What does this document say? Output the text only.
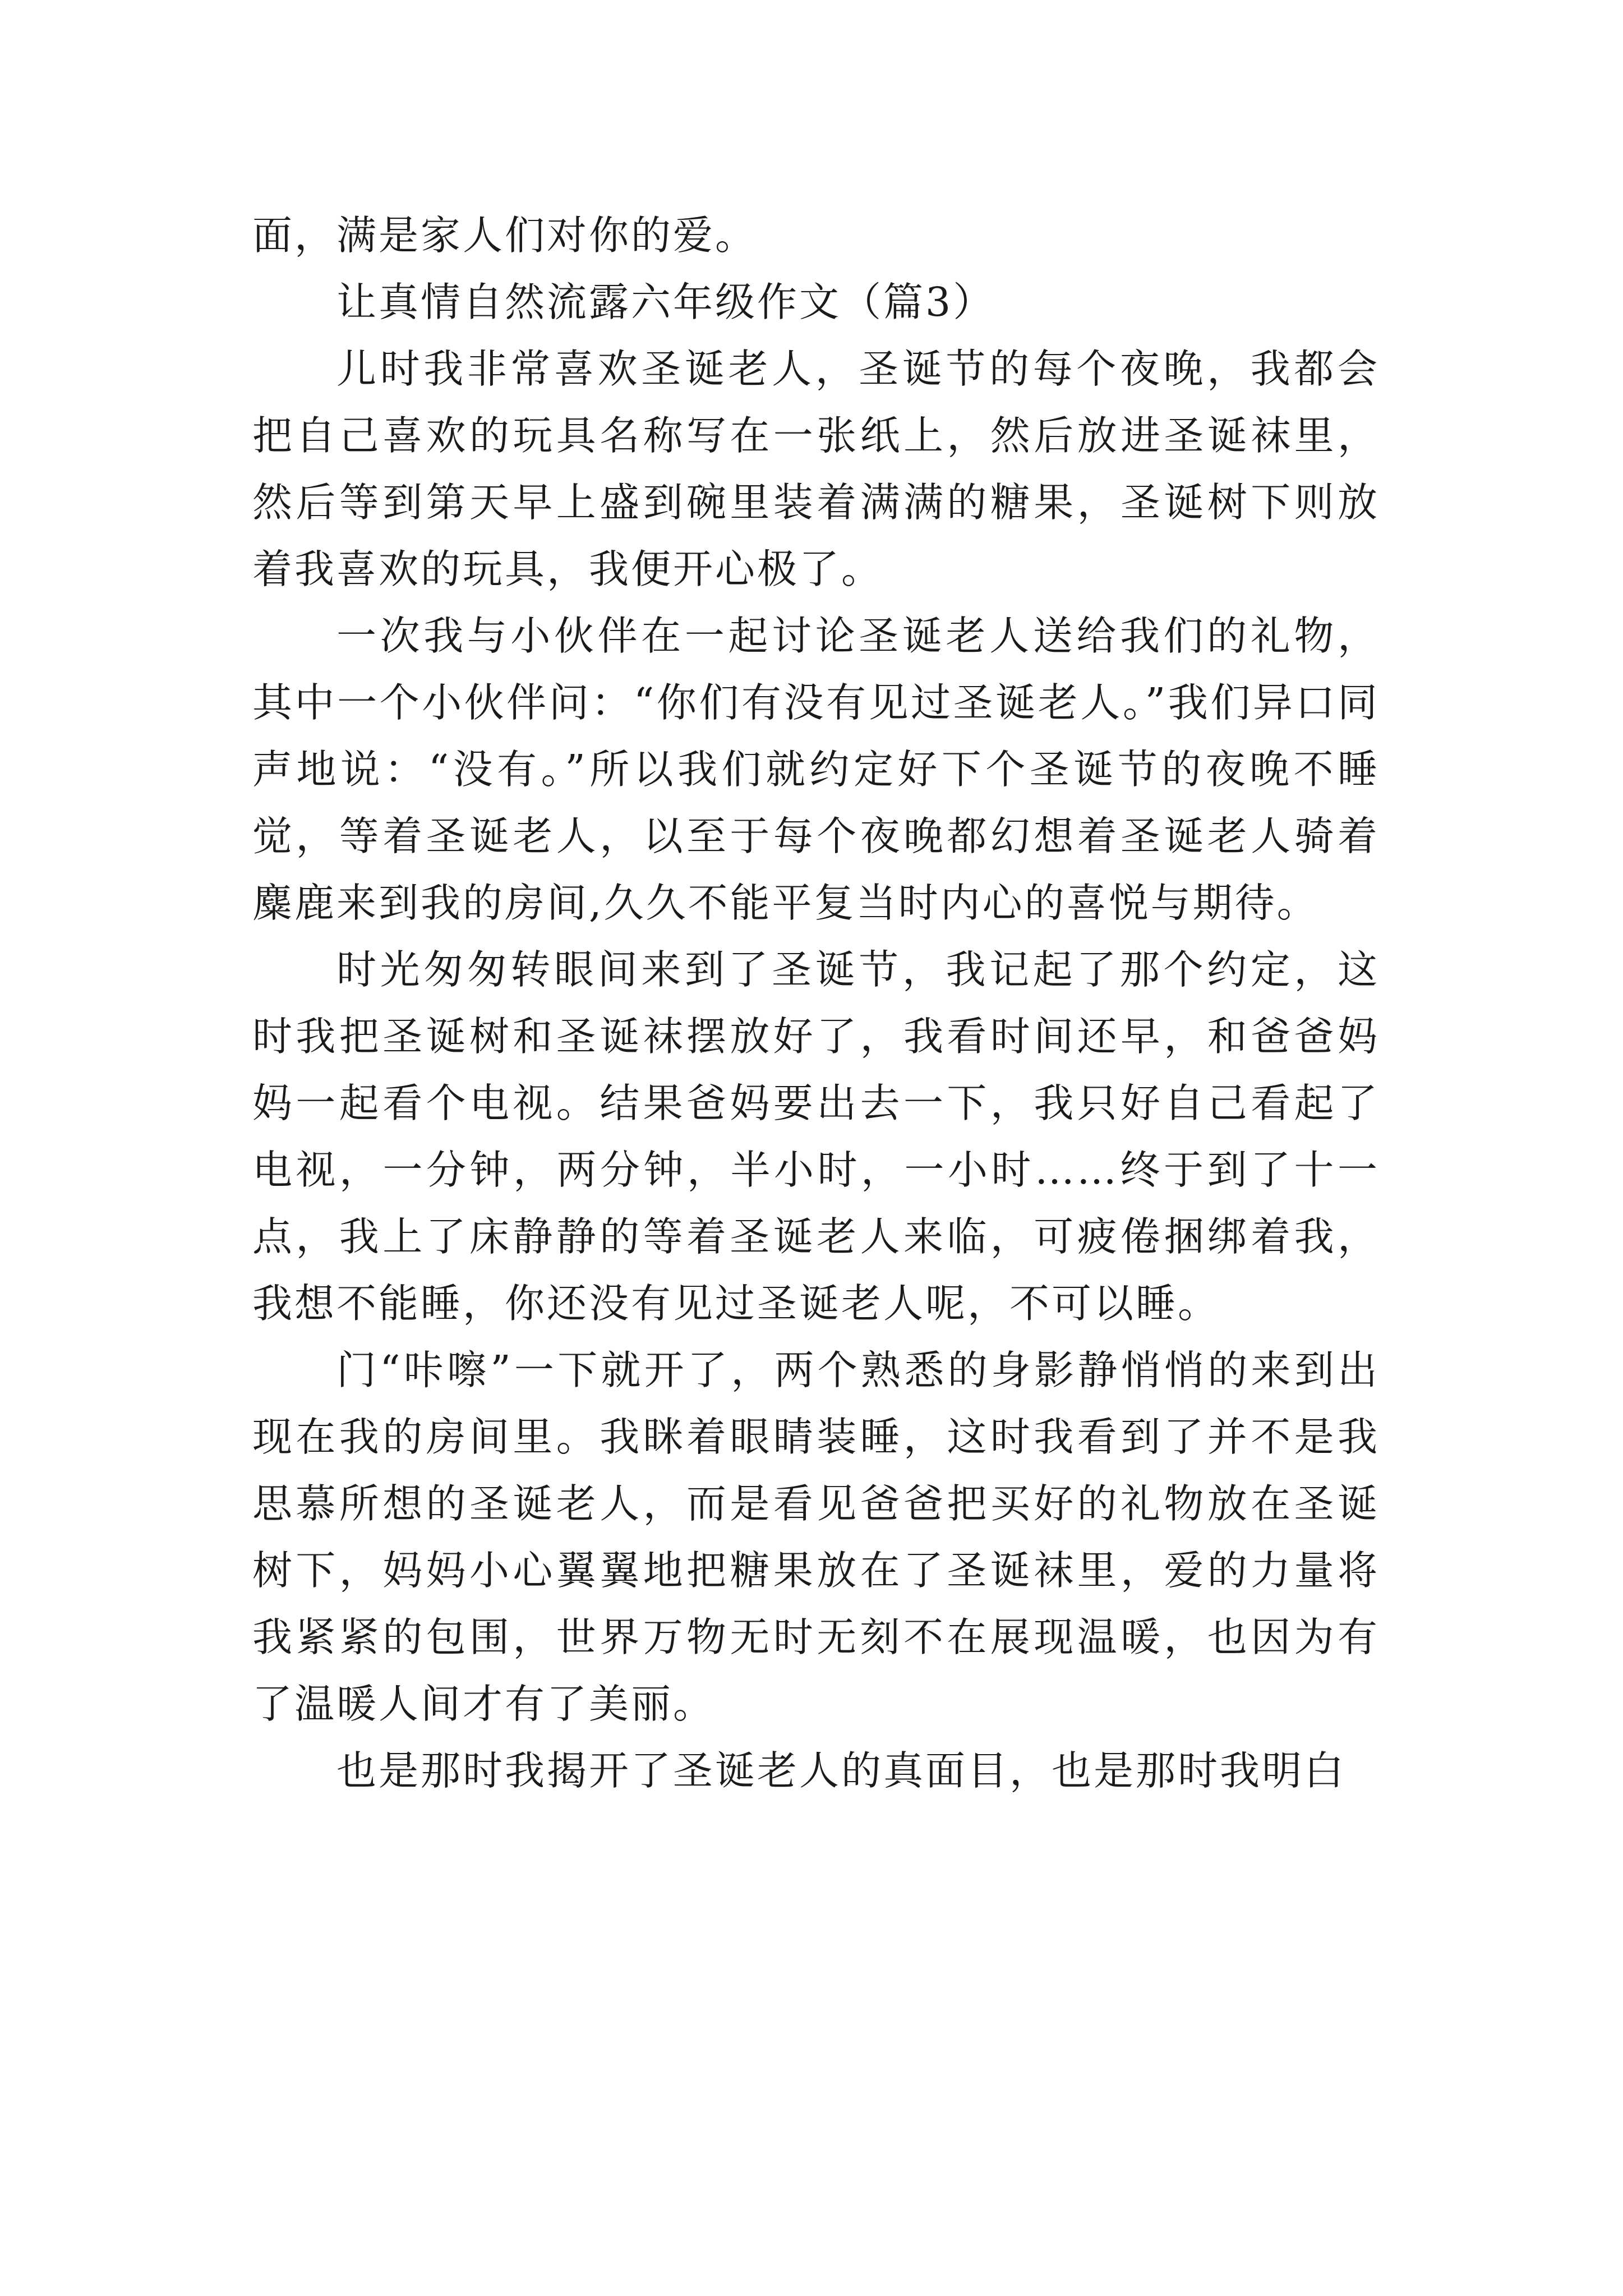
面，满是家人们对你的爱。

让真情自然流露六年级作文（篇3）

儿时我非常喜欢圣诞老人，圣诞节的每个夜晚，我都会把自己喜欢的玩具名称写在一张纸上，然后放进圣诞袜里，然后等到第天早上盛到碗里装着满满的糖果，圣诞树下则放着我喜欢的玩具，我便开心极了。

一次我与小伙伴在一起讨论圣诞老人送给我们的礼物，其中一个小伙伴问：“你们有没有见过圣诞老人。”我们异口同声地说：“没有。”所以我们就约定好下个圣诞节的夜晚不睡觉，等着圣诞老人，以至于每个夜晚都幻想着圣诞老人骑着麋鹿来到我的房间,久久不能平复当时内心的喜悦与期待。

时光匆匆转眼间来到了圣诞节，我记起了那个约定，这时我把圣诞树和圣诞袜摆放好了，我看时间还早，和爸爸妈妈一起看个电视。结果爸妈要出去一下，我只好自己看起了电视，一分钟，两分钟，半小时，一小时……终于到了十一点，我上了床静静的等着圣诞老人来临，可疲倦捆绑着我，我想不能睡，你还没有见过圣诞老人呢，不可以睡。

门“咔嚓”一下就开了，两个熟悉的身影静悄悄的来到出现在我的房间里。我眯着眼睛装睡，这时我看到了并不是我思慕所想的圣诞老人，而是看见爸爸把买好的礼物放在圣诞树下，妈妈小心翼翼地把糖果放在了圣诞袜里，爱的力量将我紧紧的包围，世界万物无时无刻不在展现温暖，也因为有了温暖人间才有了美丽。

也是那时我揭开了圣诞老人的真面目，也是那时我明白
